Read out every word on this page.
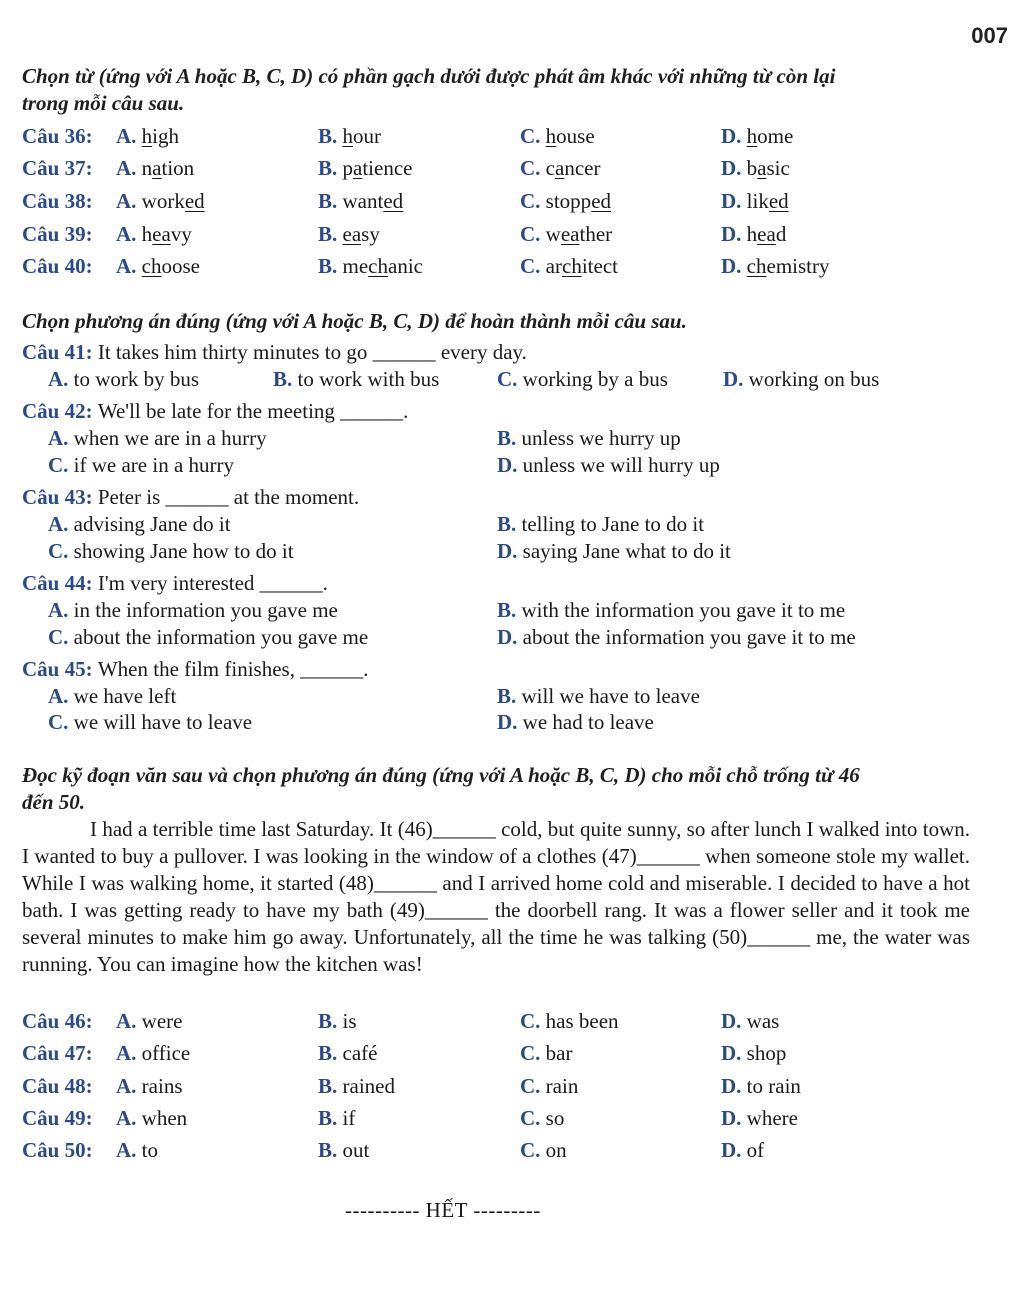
007
Chọn từ (ứng với A hoặc B, C, D) có phần gạch dưới được phát âm khác với những từ còn lại
trong mỗi câu sau.
Chọn phương án đúng (ứng với A hoặc B, C, D) để hoàn thành mỗi câu sau.
Đọc kỹ đoạn văn sau và chọn phương án đúng (ứng với A hoặc B, C, D) cho mỗi chỗ trống từ 46
đến 50.

I had a terrible time last Saturday. It (46)______ cold, but quite sunny, so after lunch I walked into town. I wanted to buy a pullover. I was looking in the window of a clothes (47)______ when someone stole my wallet. While I was walking home, it started (48)______ and I arrived home cold and miserable. I decided to have a hot bath. I was getting ready to have my bath (49)______ the doorbell rang. It was a flower seller and it took me several minutes to make him go away. Unfortunately, all the time he was talking (50)______ me, the water was running. You can imagine how the kitchen was!

---------- HẾT ---------
Câu 36: A. high	B. hour	C. house	D. home
Câu 37: A. nation	B. patience	C. cancer	D. basic
Câu 38: A. worked	B. wanted	C. stopped	D. liked
Câu 39: A. heavy	B. easy	C. weather	D. head
Câu 40: A. choose	B. mechanic	C. architect	D. chemistry
Câu 41: It takes him thirty minutes to go ______ every day.
A. to work by bus	B. to work with bus	C. working by a bus	D. working on bus
Câu 42: We'll be late for the meeting ______.
A. when we are in a hurry	B. unless we hurry up
C. if we are in a hurry	D. unless we will hurry up
Câu 43: Peter is ______ at the moment.
A. advising Jane do it	B. telling to Jane to do it
C. showing Jane how to do it	D. saying Jane what to do it
Câu 44: I'm very interested ______.
A. in the information you gave me	B. with the information you gave it to me
C. about the information you gave me	D. about the information you gave it to me
Câu 45: When the film finishes, ______.
A. we have left	B. will we have to leave
C. we will have to leave	D. we had to leave
Câu 46: A. were	B. is	C. has been	D. was
Câu 47: A. office	B. café	C. bar	D. shop
Câu 48: A. rains	B. rained	C. rain	D. to rain
Câu 49: A. when	B. if	C. so	D. where
Câu 50: A. to	B. out	C. on	D. of
